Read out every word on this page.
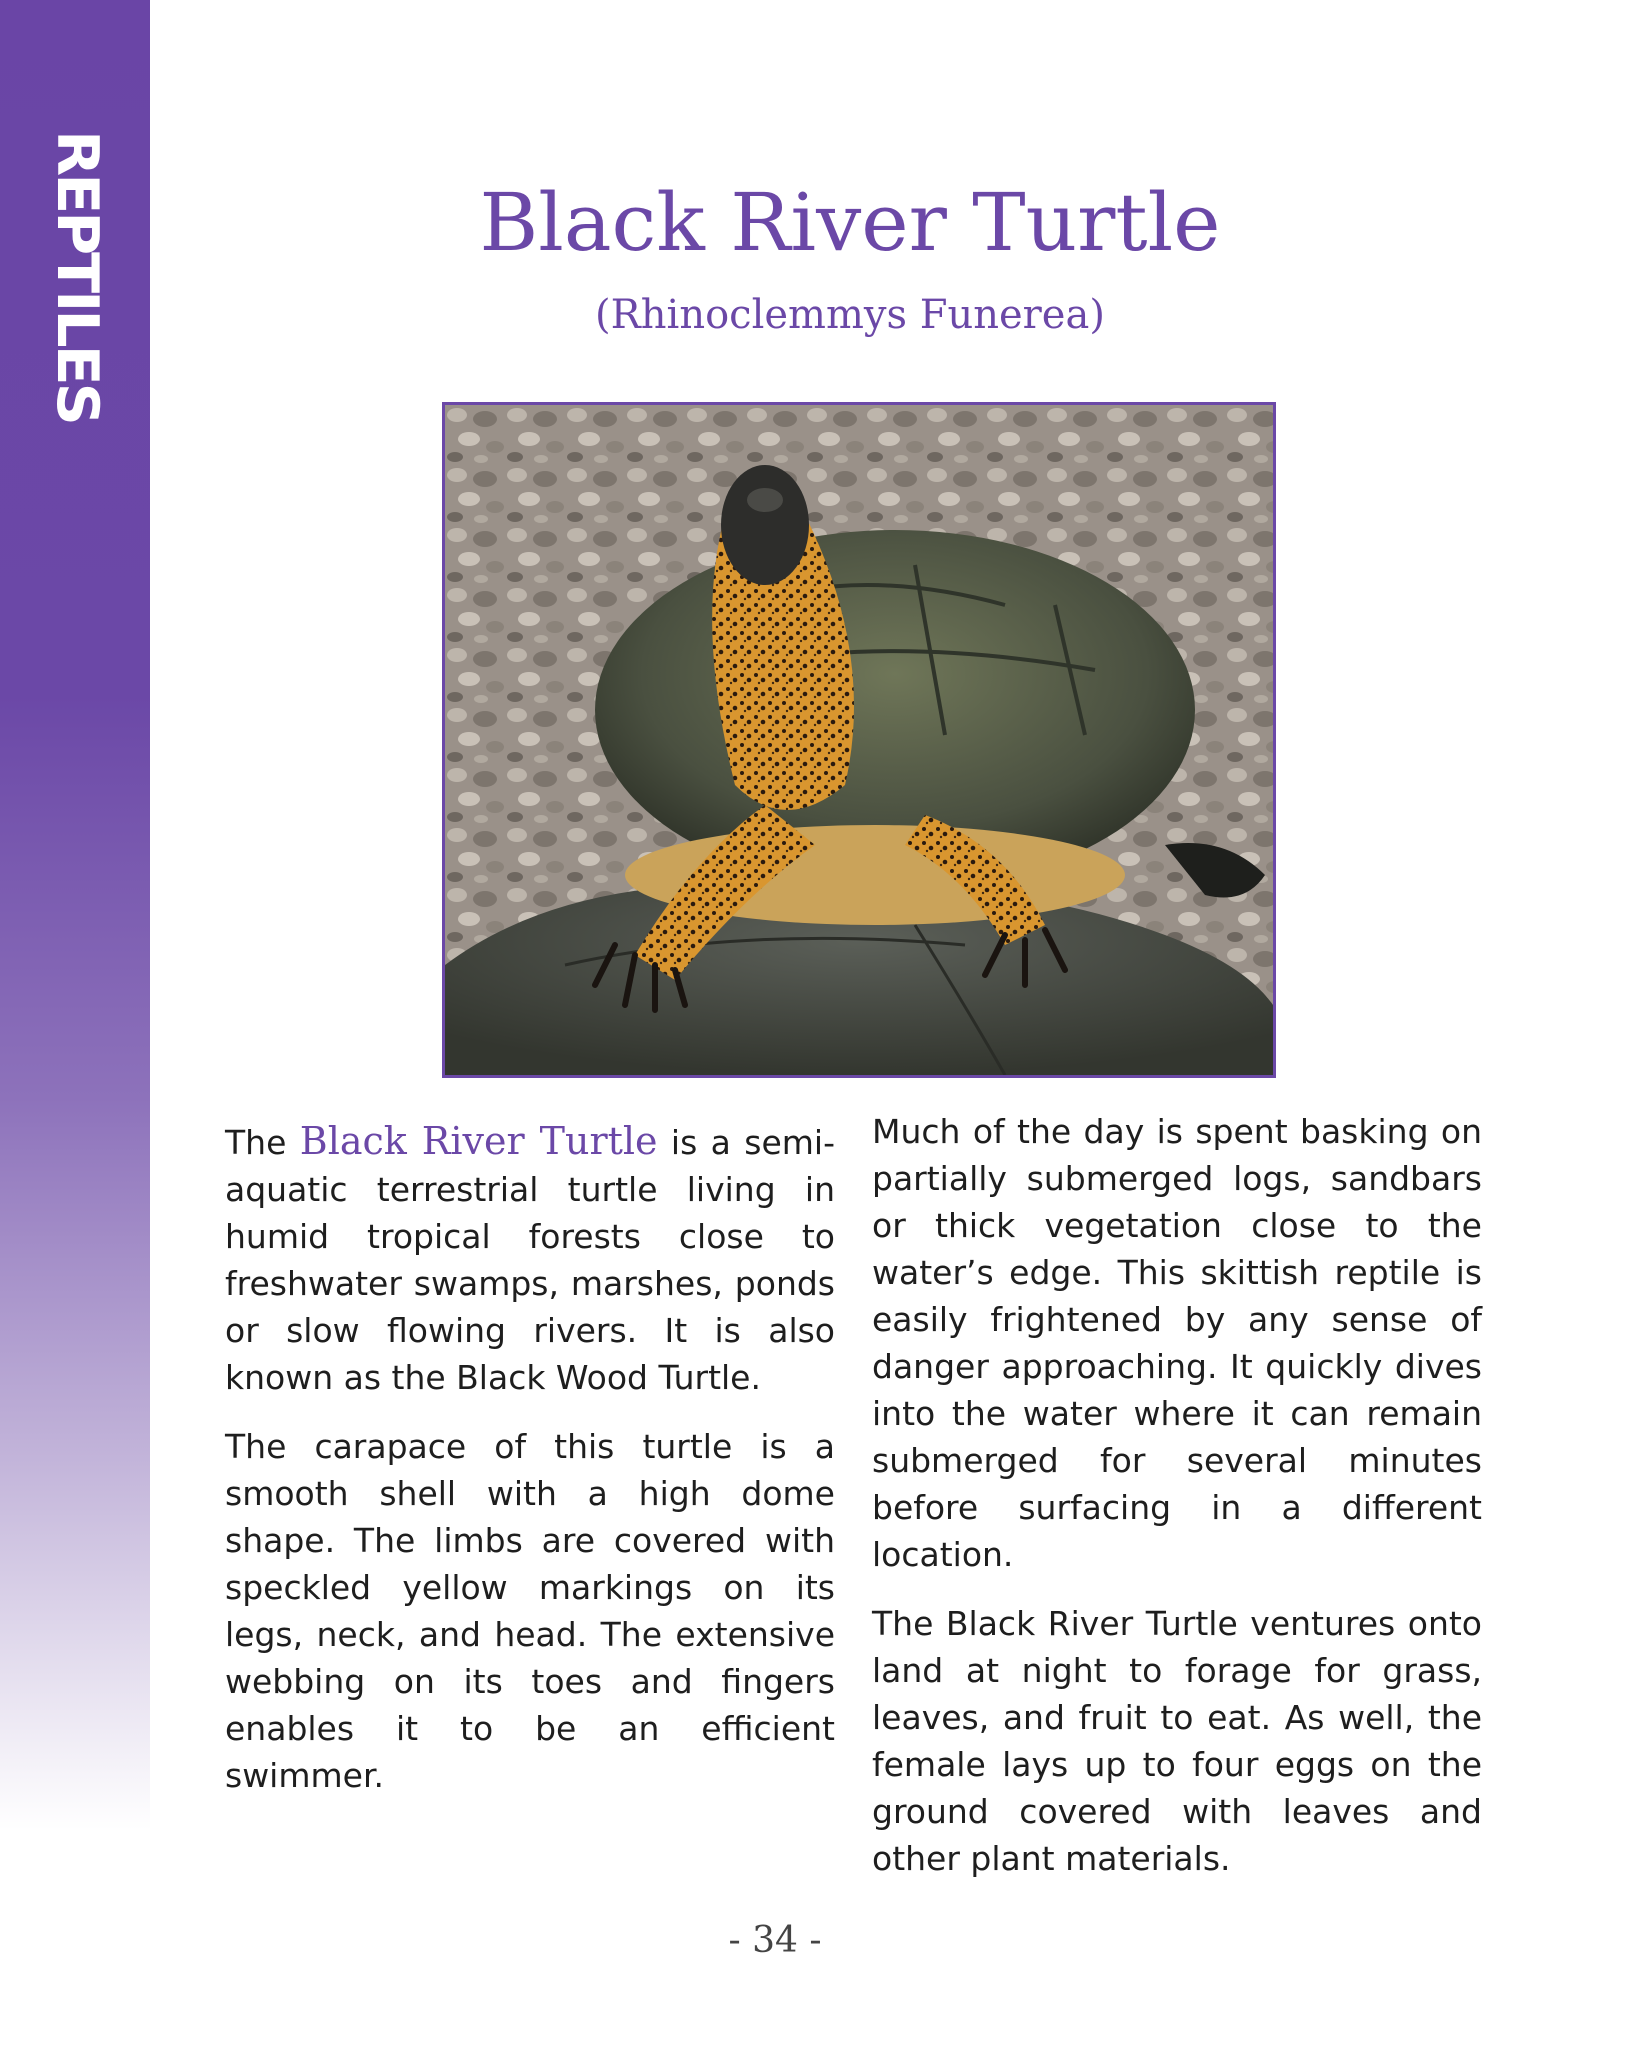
REPTILES	Black River Turtle
(Rhinoclemmys Funerea)

The Black River Turtle is a semi-aquatic terrestrial turtle living in humid tropical forests close to freshwater swamps, marshes, ponds or slow flowing rivers. It is also known as the Black Wood Turtle.

The carapace of this turtle is a smooth shell with a high dome shape. The limbs are covered with speckled yellow markings on its legs, neck, and head. The extensive webbing on its toes and fingers enables it to be an efficient swimmer.

Much of the day is spent basking on partially submerged logs, sandbars or thick vegetation close to the water’s edge. This skittish reptile is easily frightened by any sense of danger approaching. It quickly dives into the water where it can remain submerged for several minutes before surfacing in a different location.

The Black River Turtle ventures onto land at night to forage for grass, leaves, and fruit to eat. As well, the female lays up to four eggs on the ground covered with leaves and other plant materials.

- 34 -
